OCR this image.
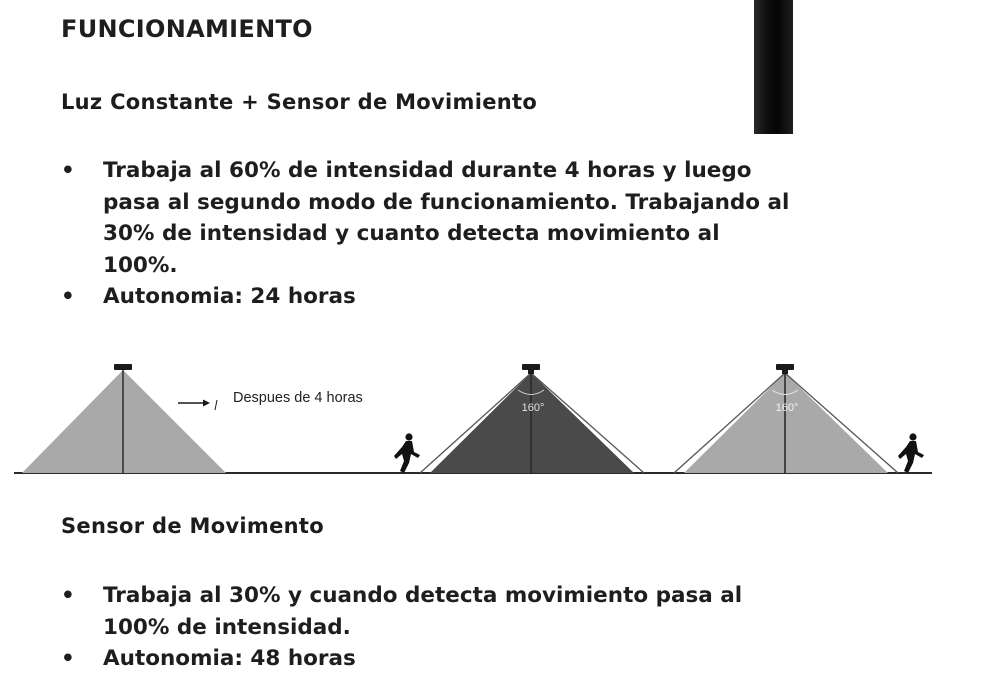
FUNCIONAMIENTO
Luz Constante + Sensor de Movimiento
• Trabaja al 60% de intensidad durante 4 horas y luego pasa al segundo modo de funcionamiento. Trabajando al 30% de intensidad y cuanto detecta movimiento al 100%.
• Autonomia: 24 horas
Despues de 4 horas
160°	160°
Sensor de Movimento
• Trabaja al 30% y cuando detecta movimiento pasa al 100% de intensidad.
• Autonomia: 48 horas
